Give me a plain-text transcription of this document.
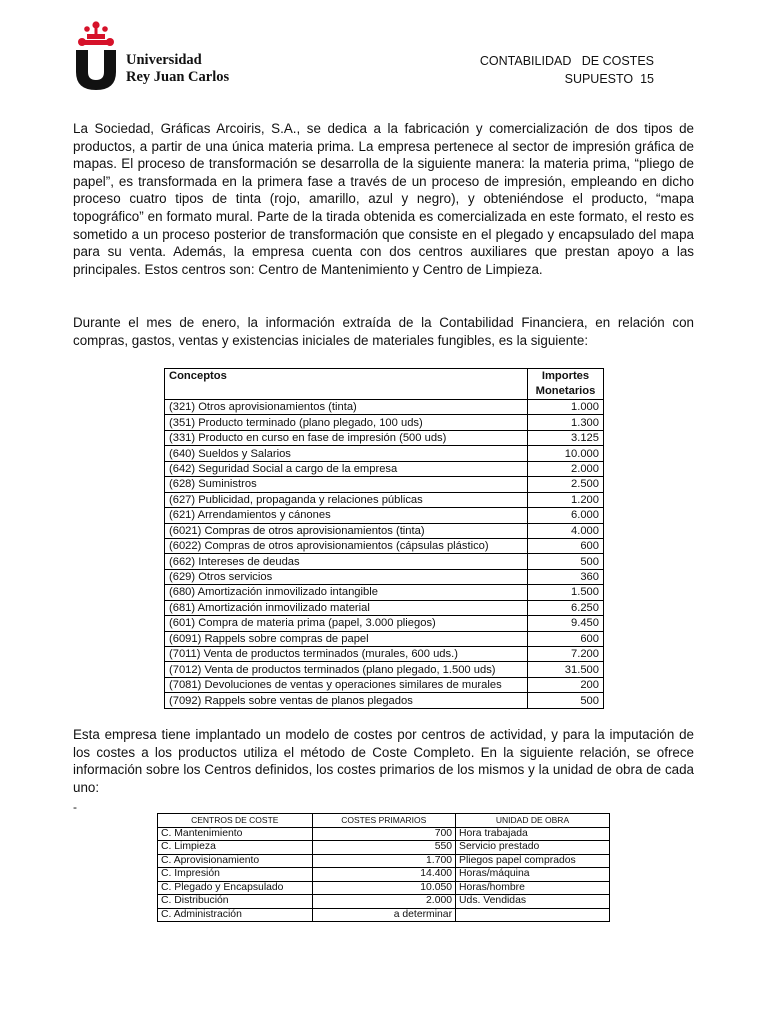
Universidad
Rey Juan Carlos
CONTABILIDAD   DE COSTES
SUPUESTO  15

La Sociedad, Gráficas Arcoiris, S.A., se dedica a la fabricación y comercialización de dos tipos de productos, a partir de una única materia prima. La empresa pertenece al sector de impresión gráfica de mapas. El proceso de transformación se desarrolla de la siguiente manera: la materia prima, “pliego de papel”, es transformada en la primera fase a través de un proceso de impresión, empleando en dicho proceso cuatro tipos de tinta (rojo, amarillo, azul y negro), y obteniéndose el producto, “mapa topográfico” en formato mural. Parte de la tirada obtenida es comercializada en este formato, el resto es sometido a un proceso posterior de transformación que consiste en el plegado y encapsulado del mapa para su venta. Además, la empresa cuenta con dos centros auxiliares que prestan apoyo a las principales. Estos centros son: Centro de Mantenimiento y Centro de Limpieza.

Durante el mes de enero, la información extraída de la Contabilidad Financiera, en relación con compras, gastos, ventas y existencias iniciales de materiales fungibles, es la siguiente:

Conceptos	Importes Monetarios
(321) Otros aprovisionamientos (tinta)	1.000
(351) Producto terminado (plano plegado, 100 uds)	1.300
(331) Producto en curso en fase de impresión (500 uds)	3.125
(640) Sueldos y Salarios	10.000
(642) Seguridad Social a cargo de la empresa	2.000
(628) Suministros	2.500
(627) Publicidad, propaganda y relaciones públicas	1.200
(621) Arrendamientos y cánones	6.000
(6021) Compras de otros aprovisionamientos (tinta)	4.000
(6022) Compras de otros aprovisionamientos (cápsulas plástico)	600
(662) Intereses de deudas	500
(629) Otros servicios	360
(680) Amortización inmovilizado intangible	1.500
(681) Amortización inmovilizado material	6.250
(601) Compra de materia prima (papel, 3.000 pliegos)	9.450
(6091) Rappels sobre compras de papel	600
(7011) Venta de productos terminados (murales, 600 uds.)	7.200
(7012) Venta de productos terminados (plano plegado, 1.500 uds)	31.500
(7081) Devoluciones de ventas y operaciones similares de murales	200
(7092) Rappels sobre ventas de planos plegados	500

Esta empresa tiene implantado un modelo de costes por centros de actividad, y para la imputación de los costes a los productos utiliza el método de Coste Completo. En la siguiente relación, se ofrece información sobre los Centros definidos, los costes primarios de los mismos y la unidad de obra de cada uno:

-
CENTROS DE COSTE	COSTES PRIMARIOS	UNIDAD DE OBRA
C. Mantenimiento	700	Hora trabajada
C. Limpieza	550	Servicio prestado
C. Aprovisionamiento	1.700	Pliegos papel comprados
C. Impresión	14.400	Horas/máquina
C. Plegado y Encapsulado	10.050	Horas/hombre
C. Distribución	2.000	Uds. Vendidas
C. Administración	a determinar	
